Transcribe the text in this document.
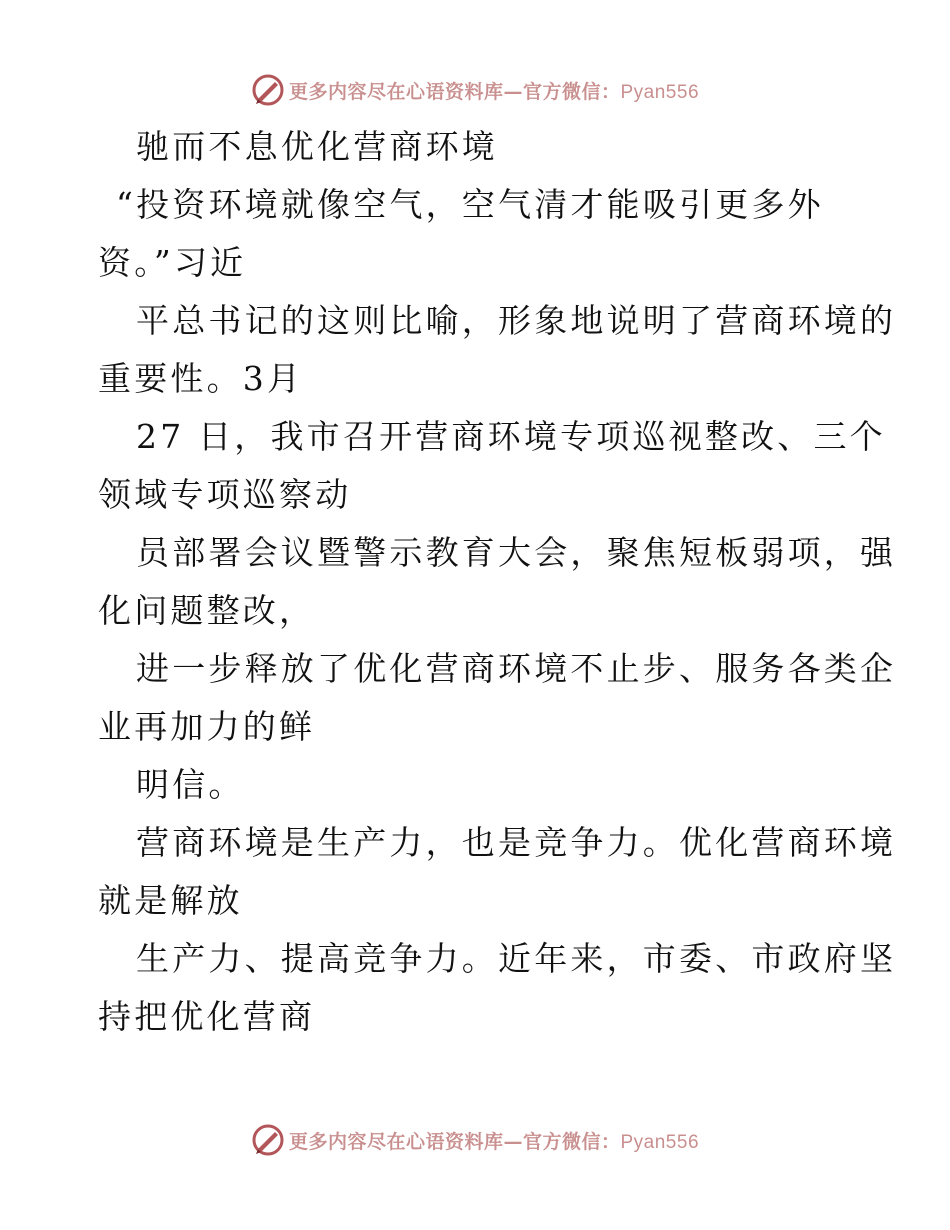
更多内容尽在心语资料库—官方微信：Pyan556
驰而不息优化营商环境
“投资环境就像空气，空气清才能吸引更多外
资。”习近
平总书记的这则比喻，形象地说明了营商环境的
重要性。3月
27 日，我市召开营商环境专项巡视整改、三个
领域专项巡察动
员部署会议暨警示教育大会，聚焦短板弱项，强
化问题整改，
进一步释放了优化营商环境不止步、服务各类企
业再加力的鲜
明信。
营商环境是生产力，也是竞争力。优化营商环境
就是解放
生产力、提高竞争力。近年来，市委、市政府坚
持把优化营商
更多内容尽在心语资料库—官方微信：Pyan556
